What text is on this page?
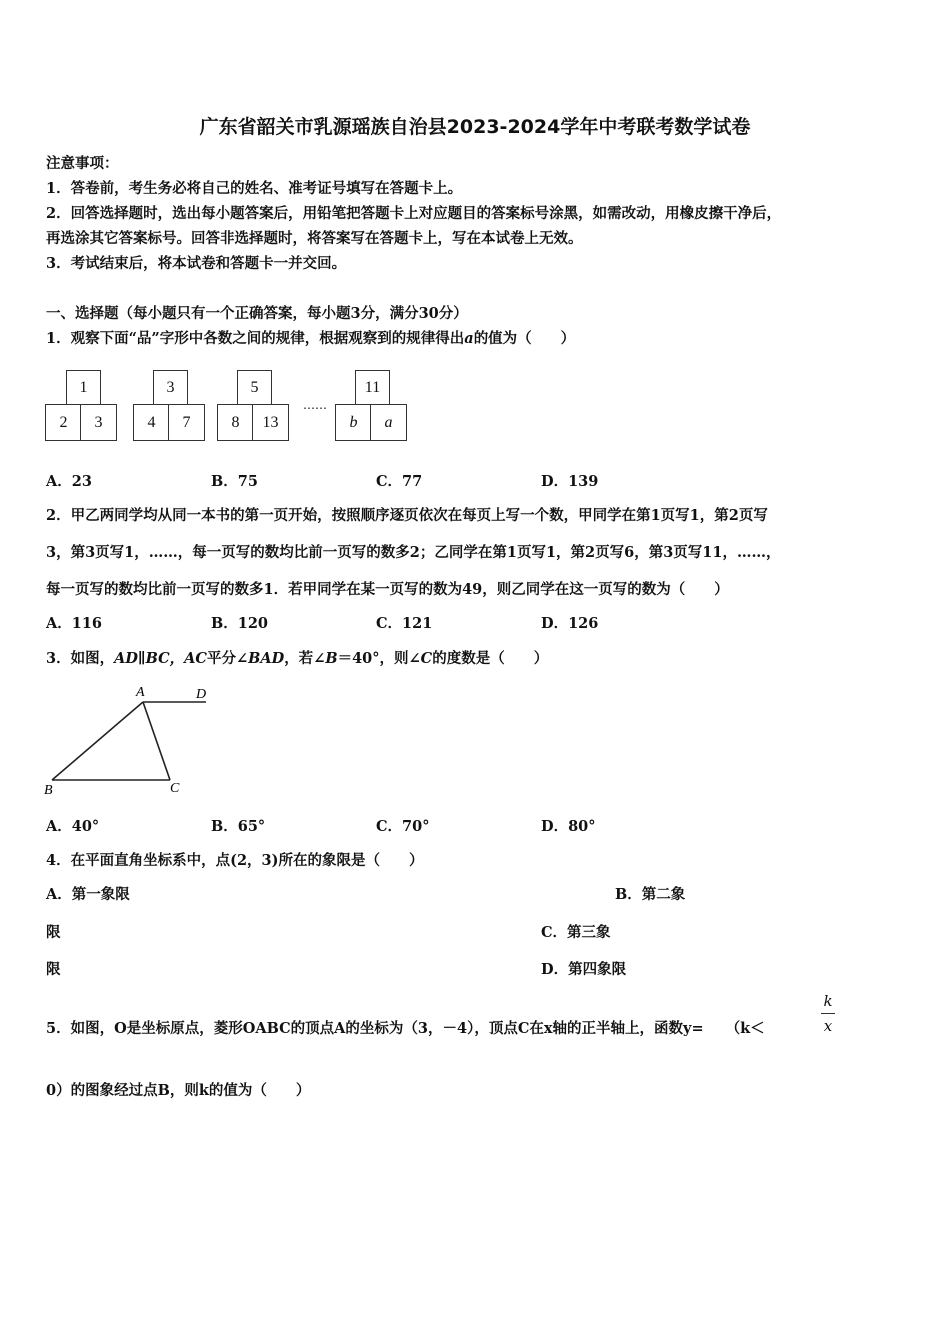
广东省韶关市乳源瑶族自治县2023-2024学年中考联考数学试卷
注意事项：
1．答卷前，考生务必将自己的姓名、准考证号填写在答题卡上。
2．回答选择题时，选出每小题答案后，用铅笔把答题卡上对应题目的答案标号涂黑，如需改动，用橡皮擦干净后，
再选涂其它答案标号。回答非选择题时，将答案写在答题卡上，写在本试卷上无效。
3．考试结束后，将本试卷和答题卡一并交回。
一、选择题（每小题只有一个正确答案，每小题3分，满分30分）
1．观察下面“品”字形中各数之间的规律，根据观察到的规律得出a的值为（　　）
1
2	3
3
4	7
5
8	13
……
11
b	a
A．23	B．75	C．77	D．139
2．甲乙两同学均从同一本书的第一页开始，按照顺序逐页依次在每页上写一个数，甲同学在第1页写1，第2页写
3，第3页写1，……，每一页写的数均比前一页写的数多2；乙同学在第1页写1，第2页写6，第3页写11，……，
每一页写的数均比前一页写的数多1．若甲同学在某一页写的数为49，则乙同学在这一页写的数为（　　）
A．116	B．120	C．121	D．126
3．如图，AD∥BC，AC平分∠BAD，若∠B＝40°，则∠C的度数是（　　）
A	D
B	C
A．40°	B．65°	C．70°	D．80°
4．在平面直角坐标系中，点(2，3)所在的象限是（　　）
A．第一象限	B．第二象
限	C．第三象
限	D．第四象限
5．如图，O是坐标原点，菱形OABC的顶点A的坐标为（3，－4），顶点C在x轴的正半轴上，函数y= （k＜
k
x
0）的图象经过点B，则k的值为（　　）
